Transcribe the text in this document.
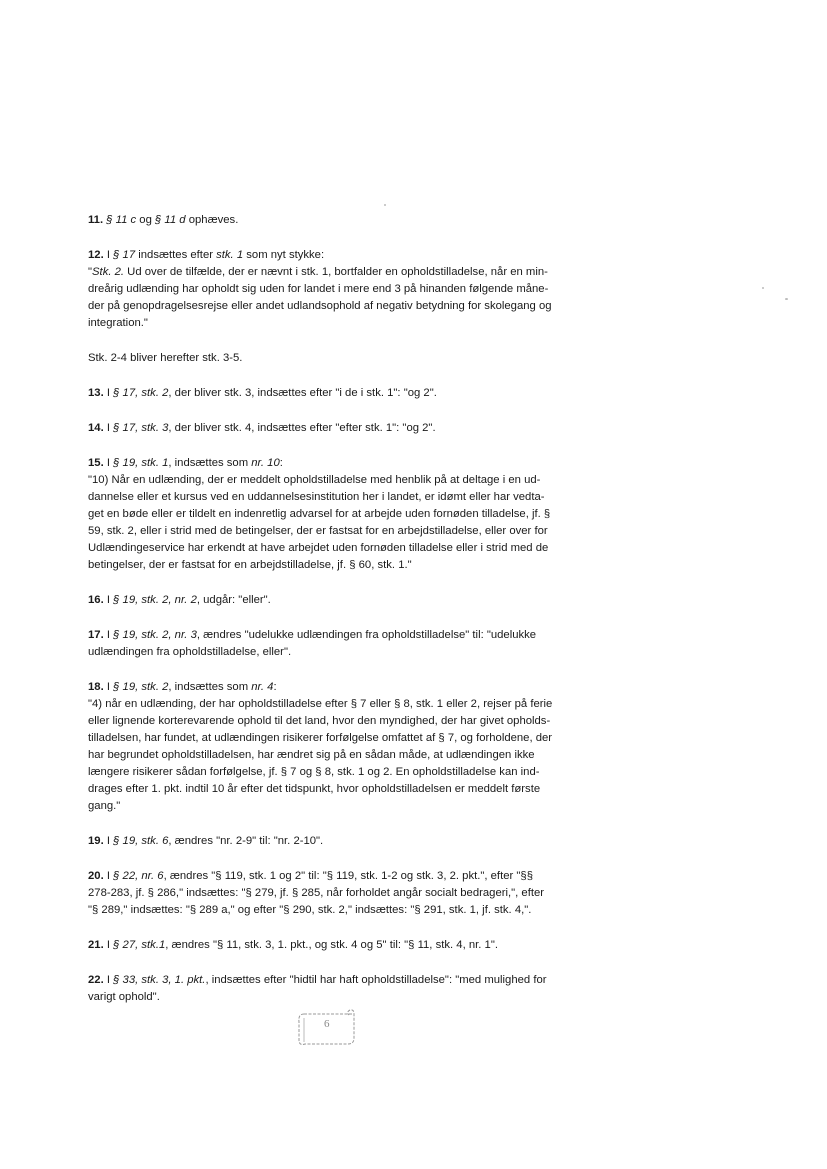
11. § 11 c og § 11 d ophæves.

12. I § 17 indsættes efter stk. 1 som nyt stykke:

"Stk. 2. Ud over de tilfælde, der er nævnt i stk. 1, bortfalder en opholdstilladelse, når en min-

dreårig udlænding har opholdt sig uden for landet i mere end 3 på hinanden følgende måne-

der på genopdragelsesrejse eller andet udlandsophold af negativ betydning for skolegang og

integration."

Stk. 2-4 bliver herefter stk. 3-5.

13. I § 17, stk. 2, der bliver stk. 3, indsættes efter "i de i stk. 1": "og 2".

14. I § 17, stk. 3, der bliver stk. 4, indsættes efter "efter stk. 1": "og 2".

15. I § 19, stk. 1, indsættes som nr. 10:

"10) Når en udlænding, der er meddelt opholdstilladelse med henblik på at deltage i en ud-

dannelse eller et kursus ved en uddannelsesinstitution her i landet, er idømt eller har vedta-

get en bøde eller er tildelt en indenretlig advarsel for at arbejde uden fornøden tilladelse, jf. §

59, stk. 2, eller i strid med de betingelser, der er fastsat for en arbejdstilladelse, eller over for

Udlændingeservice har erkendt at have arbejdet uden fornøden tilladelse eller i strid med de

betingelser, der er fastsat for en arbejdstilladelse, jf. § 60, stk. 1."

16. I § 19, stk. 2, nr. 2, udgår: "eller".

17. I § 19, stk. 2, nr. 3, ændres "udelukke udlændingen fra opholdstilladelse" til: "udelukke

udlændingen fra opholdstilladelse, eller".

18. I § 19, stk. 2, indsættes som nr. 4:

"4) når en udlænding, der har opholdstilladelse efter § 7 eller § 8, stk. 1 eller 2, rejser på ferie

eller lignende korterevarende ophold til det land, hvor den myndighed, der har givet opholds-

tilladelsen, har fundet, at udlændingen risikerer forfølgelse omfattet af § 7, og forholdene, der

har begrundet opholdstilladelsen, har ændret sig på en sådan måde, at udlændingen ikke

længere risikerer sådan forfølgelse, jf. § 7 og § 8, stk. 1 og 2. En opholdstilladelse kan ind-

drages efter 1. pkt. indtil 10 år efter det tidspunkt, hvor opholdstilladelsen er meddelt første

gang."

19. I § 19, stk. 6, ændres "nr. 2-9" til: "nr. 2-10".

20. I § 22, nr. 6, ændres "§ 119, stk. 1 og 2" til: "§ 119, stk. 1-2 og stk. 3, 2. pkt.", efter "§§

278-283, jf. § 286," indsættes: "§ 279, jf. § 285, når forholdet angår socialt bedrageri,", efter

"§ 289," indsættes: "§ 289 a," og efter "§ 290, stk. 2," indsættes: "§ 291, stk. 1, jf. stk. 4,".

21. I § 27, stk.1, ændres "§ 11, stk. 3, 1. pkt., og stk. 4 og 5" til: "§ 11, stk. 4, nr. 1".

22. I § 33, stk. 3, 1. pkt., indsættes efter "hidtil har haft opholdstilladelse": "med mulighed for

varigt ophold".

6
